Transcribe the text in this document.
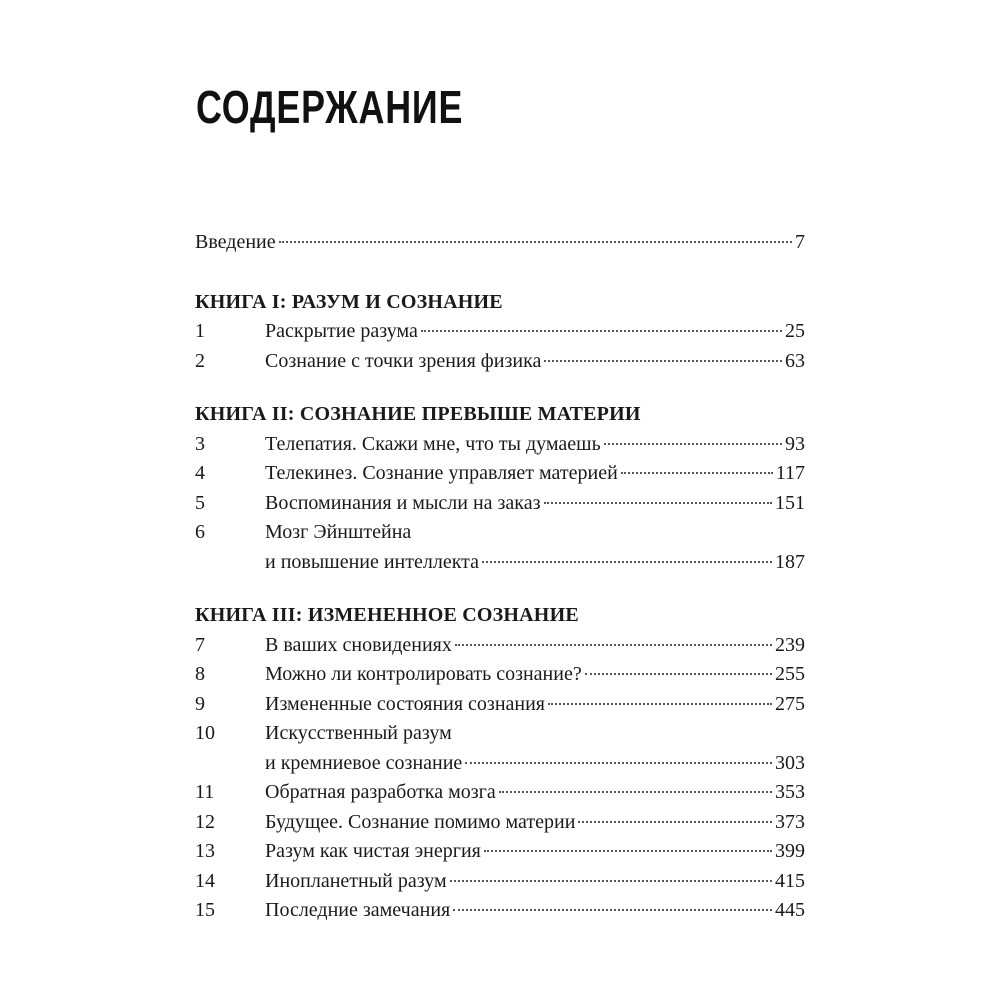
СОДЕРЖАНИЕ
Введение	7
КНИГА I: РАЗУМ И СОЗНАНИЕ
1	Раскрытие разума	25
2	Сознание с точки зрения физика	63
КНИГА II: СОЗНАНИЕ ПРЕВЫШЕ МАТЕРИИ
3	Телепатия. Скажи мне, что ты думаешь	93
4	Телекинез. Сознание управляет материей	117
5	Воспоминания и мысли на заказ	151
6	Мозг Эйнштейна
и повышение интеллекта	187
КНИГА III: ИЗМЕНЕННОЕ СОЗНАНИЕ
7	В ваших сновидениях	239
8	Можно ли контролировать сознание?	255
9	Измененные состояния сознания	275
10	Искусственный разум
и кремниевое сознание	303
11	Обратная разработка мозга	353
12	Будущее. Сознание помимо материи	373
13	Разум как чистая энергия	399
14	Инопланетный разум	415
15	Последние замечания	445
